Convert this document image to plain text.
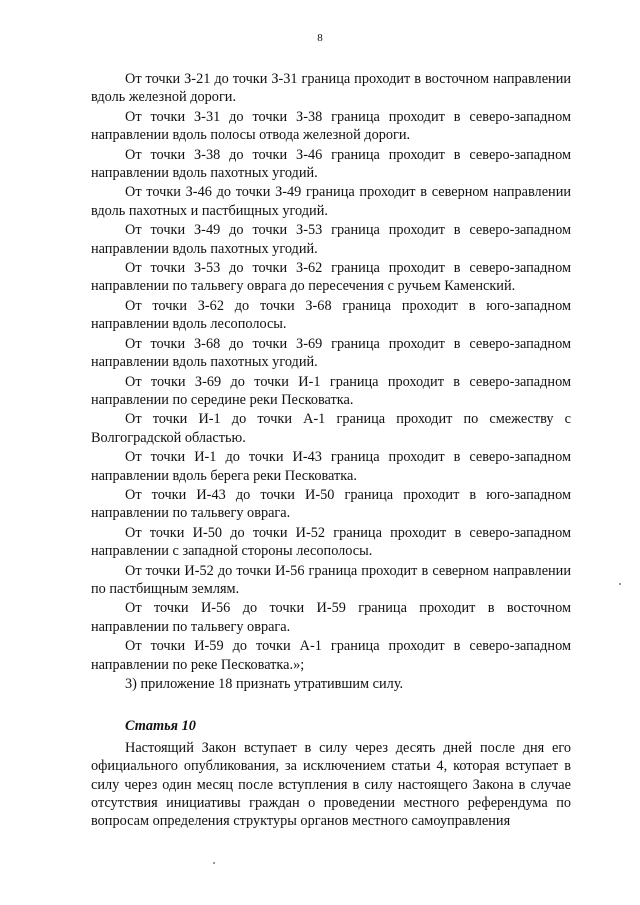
8

От точки З-21 до точки З-31 граница проходит в восточном направлении вдоль железной дороги.

От точки З-31 до точки З-38 граница проходит в северо-западном направлении вдоль полосы отвода железной дороги.

От точки З-38 до точки З-46 граница проходит в северо-западном направлении вдоль пахотных угодий.

От точки З-46 до точки З-49 граница проходит в северном направлении вдоль пахотных и пастбищных угодий.

От точки З-49 до точки З-53 граница проходит в северо-западном направлении вдоль пахотных угодий.

От точки З-53 до точки З-62 граница проходит в северо-западном направлении по тальвегу оврага до пересечения с ручьем Каменский.

От точки З-62 до точки З-68 граница проходит в юго-западном направлении вдоль лесополосы.

От точки З-68 до точки З-69 граница проходит в северо-западном направлении вдоль пахотных угодий.

От точки З-69 до точки И-1 граница проходит в северо-западном направлении по середине реки Песковатка.

От точки И-1 до точки А-1 граница проходит по смежеству с Волгоградской областью.

От точки И-1 до точки И-43 граница проходит в северо-западном направлении вдоль берега реки Песковатка.

От точки И-43 до точки И-50 граница проходит в юго-западном направлении по тальвегу оврага.

От точки И-50 до точки И-52 граница проходит в северо-западном направлении с западной стороны лесополосы.

От точки И-52 до точки И-56 граница проходит в северном направлении по пастбищным землям.

От точки И-56 до точки И-59 граница проходит в восточном направлении по тальвегу оврага.

От точки И-59 до точки А-1 граница проходит в северо-западном направлении по реке Песковатка.»;

3) приложение 18 признать утратившим силу.

Статья 10

Настоящий Закон вступает в силу через десять дней после дня его официального опубликования, за исключением статьи 4, которая вступает в силу через один месяц после вступления в силу настоящего Закона в случае отсутствия инициативы граждан о проведении местного референдума по вопросам определения структуры органов местного самоуправления
